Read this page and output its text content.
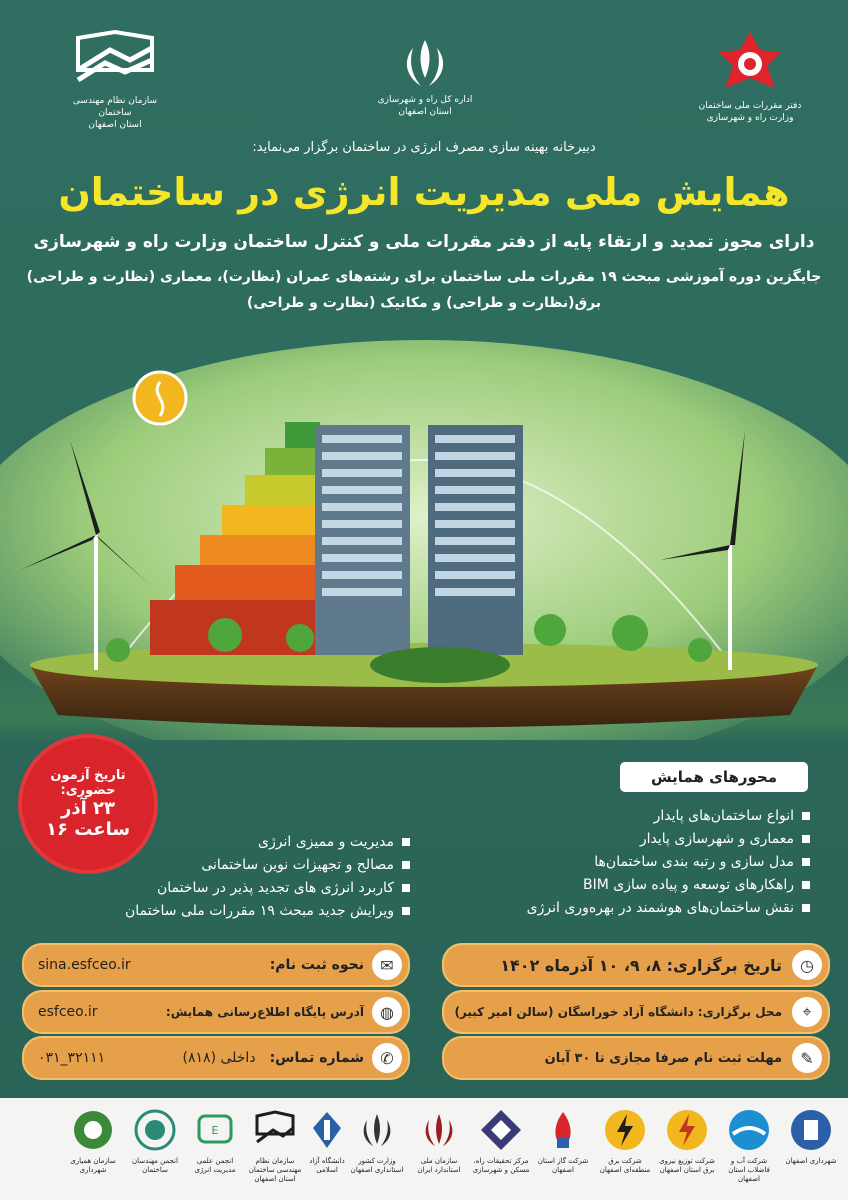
سازمان نظام مهندسی ساختمان
استان اصفهان
اداره کل راه و شهرسازی
استان اصفهان
دفتر مقررات ملی ساختمان
وزارت راه و شهرسازی
دبیرخانه بهینه سازی مصرف انرژی در ساختمان برگزار می‌نماید:
همایش ملی مدیریت انرژی در ساختمان
دارای مجوز تمدید و ارتقاء پایه از دفتر مقررات ملی و کنترل ساختمان وزارت راه و شهرسازی
جایگزین دوره آموزشی مبحث ۱۹ مقررات ملی ساختمان برای رشته‌های عمران (نظارت)، معماری (نظارت و طراحی)
برق(نظارت و طراحی) و مکانیک (نظارت و طراحی)
تاریخ آزمون
حضوری:
۲۳ آذر
ساعت ۱۶
محورهای همایش
انواع ساختمان‌های پایدار
معماری و شهرسازی پایدار
مدل سازی و رتبه بندی ساختمان‌ها
راهکارهای توسعه و پیاده سازی BIM
نقش ساختمان‌های هوشمند در بهره‌وری انرژی
مدیریت و ممیزی انرژی
مصالح و تجهیزات نوین ساختمانی
کاربرد انرژی های تجدید پذیر در ساختمان
ویرایش جدید مبحث ۱۹ مقررات ملی ساختمان
✉
نحوه ثبت نام:
sina.esfceo.ir
◍
آدرس پایگاه اطلاع‌رسانی همایش:
esfceo.ir
✆
شماره تماس:
داخلی (۸۱۸)
۰۳۱_۳۲۱۱۱
◷
تاریخ برگزاری: ۸، ۹، ۱۰ آذرماه ۱۴۰۲
⌖
محل برگزاری: دانشگاه آزاد خوراسگان (سالن امیر کبیر)
✎
مهلت ثبت نام صرفا مجازی تا ۳۰ آبان
شهرداری اصفهان
شرکت آب و فاضلاب استان اصفهان
شرکت توزیع نیروی برق استان اصفهان
شرکت برق منطقه‌ای اصفهان
شرکت گاز استان اصفهان
مرکز تحقیقات راه، مسکن و شهرسازی
سازمان ملی استاندارد ایران
وزارت کشور استانداری اصفهان
دانشگاه آزاد اسلامی
سازمان نظام مهندسی ساختمان استان اصفهان
E
انجمن علمی مدیریت انرژی
انجمن مهندسان ساختمان
سازمان همیاری شهرداری
